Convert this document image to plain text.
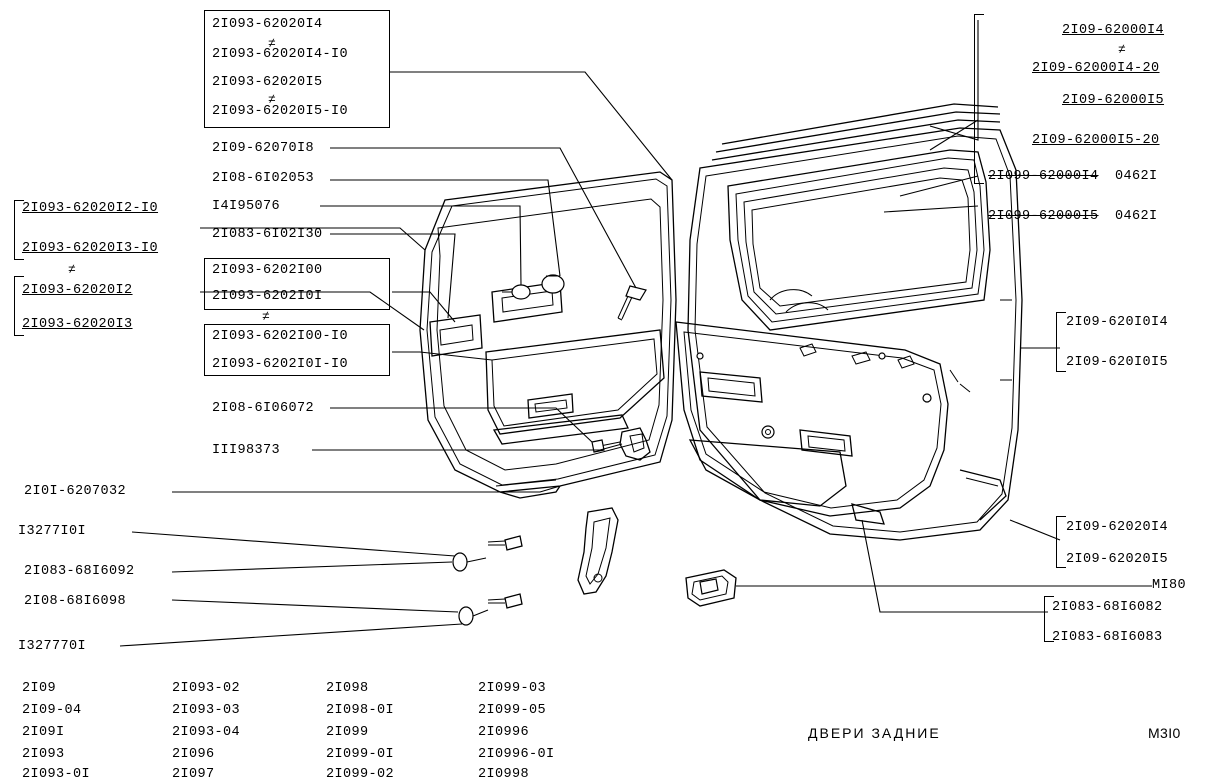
≠
≠
≠
≠
2I093-62020I4
2I093-62020I4-I0
2I093-62020I5
2I093-62020I5-I0
2I09-62070I8
2I08-6I02053
I4I95076
2I083-6I02I30
2I093-6202I00
2I093-6202I0I
2I093-6202I00-I0
2I093-6202I0I-I0
2I08-6I06072
III98373
2I093-62020I2-I0
2I093-62020I3-I0
2I093-62020I2
2I093-62020I3
2I0I-6207032
I3277I0I
2I083-68I6092
2I08-68I6098
I327770I
2I09-62000I4
≠
2I09-62000I4-20
2I09-62000I5
2I09-62000I5-20
2I099-62000I4 0462I
2I099-62000I5 0462I
2I09-620I0I4
2I09-620I0I5
2I09-62020I4
2I09-62020I5
MI80
2I083-68I6082
2I083-68I6083
2I09
2I09-04
2I09I
2I093
2I093-0I
2I093-02
2I093-03
2I093-04
2I096
2I097
2I098
2I098-0I
2I099
2I099-0I
2I099-02
2I099-03
2I099-05
2I0996
2I0996-0I
2I0998
ДВЕРИ ЗАДНИЕ	М3I0
